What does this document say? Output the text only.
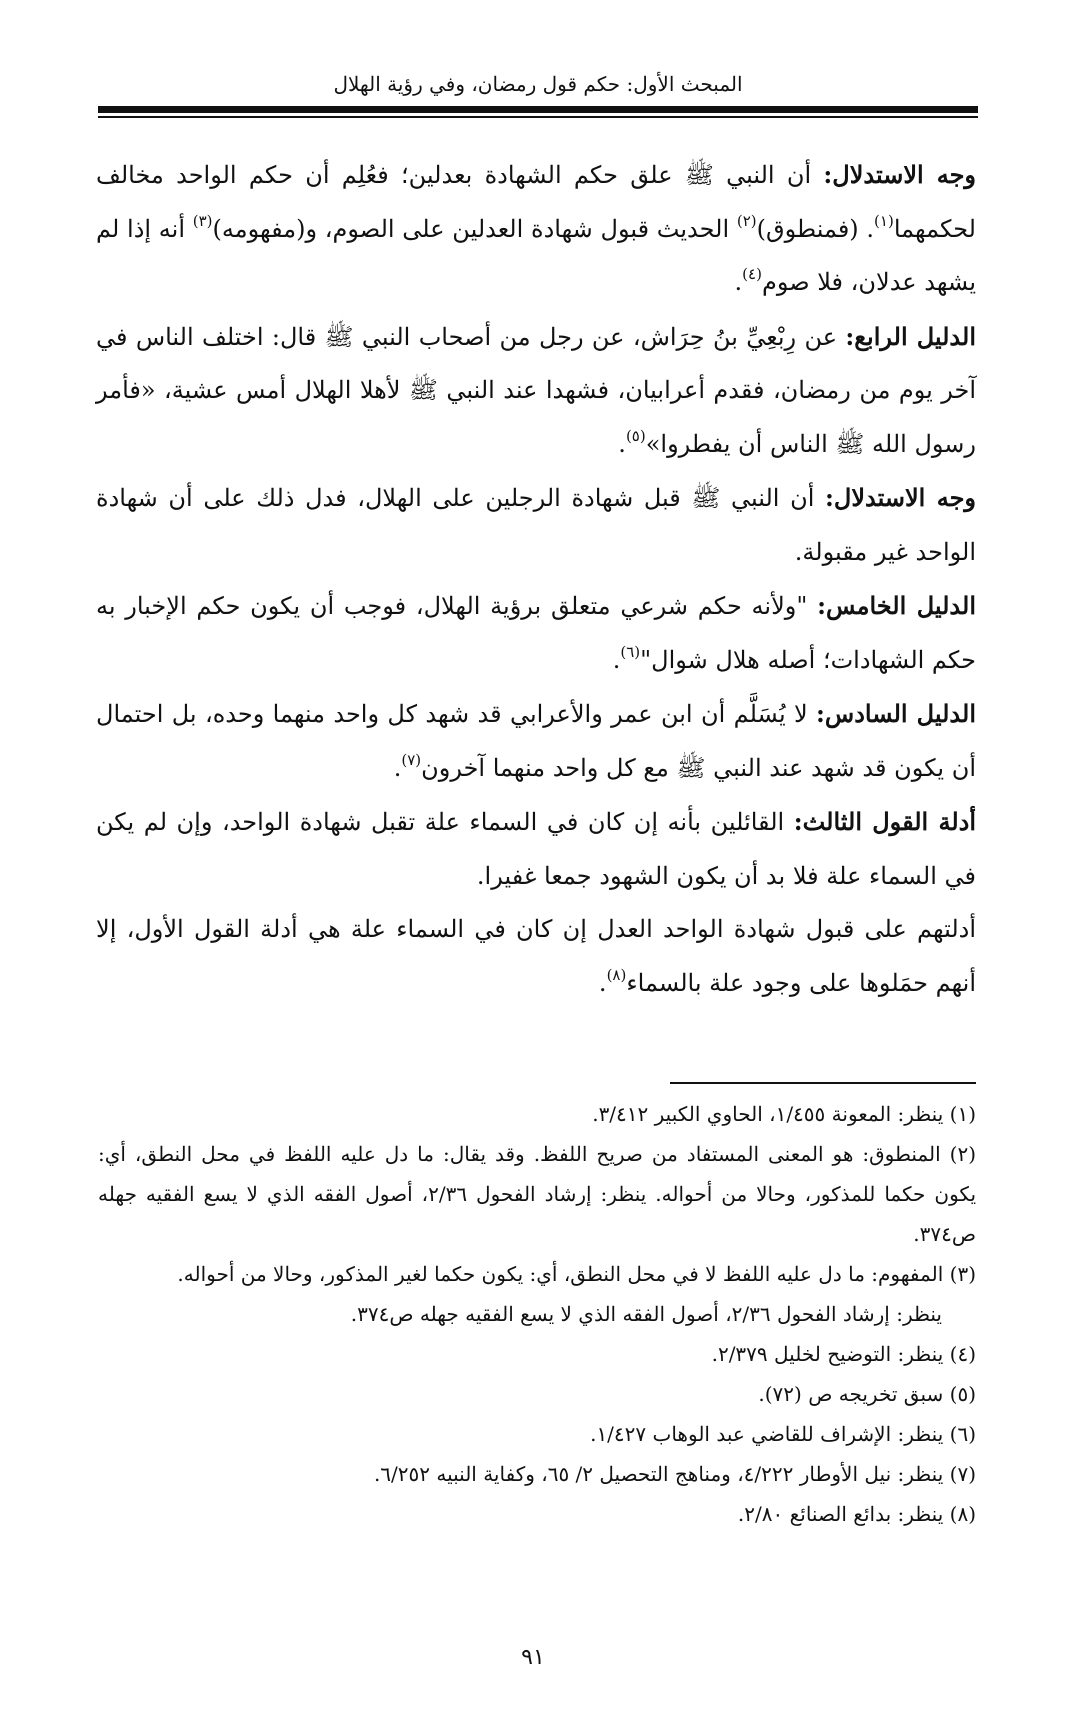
المبحث الأول: حكم قول رمضان، وفي رؤية الهلال

وجه الاستدلال: أن النبي ﷺ علق حكم الشهادة بعدلين؛ فعُلِم أن حكم الواحد مخالف لحكمهما$^{(١)}$. (فمنطوق)$^{(٢)}$ الحديث قبول شهادة العدلين على الصوم، و(مفهومه)$^{(٣)}$ أنه إذا لم يشهد عدلان، فلا صوم$^{(٤)}$.

الدليل الرابع: عن رِبْعِيِّ بنُ حِرَاش، عن رجل من أصحاب النبي ﷺ قال: اختلف الناس في آخر يوم من رمضان، فقدم أعرابيان، فشهدا عند النبي ﷺ لأهلا الهلال أمس عشية، «فأمر رسول الله ﷺ الناس أن يفطروا»$^{(٥)}$.

وجه الاستدلال: أن النبي ﷺ قبل شهادة الرجلين على الهلال، فدل ذلك على أن شهادة الواحد غير مقبولة.

الدليل الخامس: "ولأنه حكم شرعي متعلق برؤية الهلال، فوجب أن يكون حكم الإخبار به حكم الشهادات؛ أصله هلال شوال"$^{(٦)}$.

الدليل السادس: لا يُسَلَّم أن ابن عمر والأعرابي قد شهد كل واحد منهما وحده، بل احتمال أن يكون قد شهد عند النبي ﷺ مع كل واحد منهما آخرون$^{(٧)}$.

أدلة القول الثالث: القائلين بأنه إن كان في السماء علة تقبل شهادة الواحد، وإن لم يكن في السماء علة فلا بد أن يكون الشهود جمعا غفيرا.

أدلتهم على قبول شهادة الواحد العدل إن كان في السماء علة هي أدلة القول الأول، إلا أنهم حمَلوها على وجود علة بالسماء$^{(٨)}$.

(١) ينظر: المعونة ١/٤٥٥، الحاوي الكبير ٣/٤١٢.

(٢) المنطوق: هو المعنى المستفاد من صريح اللفظ. وقد يقال: ما دل عليه اللفظ في محل النطق، أي: يكون حكما للمذكور، وحالا من أحواله. ينظر: إرشاد الفحول ٢/٣٦، أصول الفقه الذي لا يسع الفقيه جهله ص٣٧٤.

(٣) المفهوم: ما دل عليه اللفظ لا في محل النطق، أي: يكون حكما لغير المذكور، وحالا من أحواله.

ينظر: إرشاد الفحول ٢/٣٦، أصول الفقه الذي لا يسع الفقيه جهله ص٣٧٤.

(٤) ينظر: التوضيح لخليل ٢/٣٧٩.

(٥) سبق تخريجه ص (٧٢).

(٦) ينظر: الإشراف للقاضي عبد الوهاب ١/٤٢٧.

(٧) ينظر: نيل الأوطار ٤/٢٢٢، ومناهج التحصيل ٢/ ٦٥، وكفاية النبيه ٦/٢٥٢.

(٨) ينظر: بدائع الصنائع ٢/٨٠.

٩١
